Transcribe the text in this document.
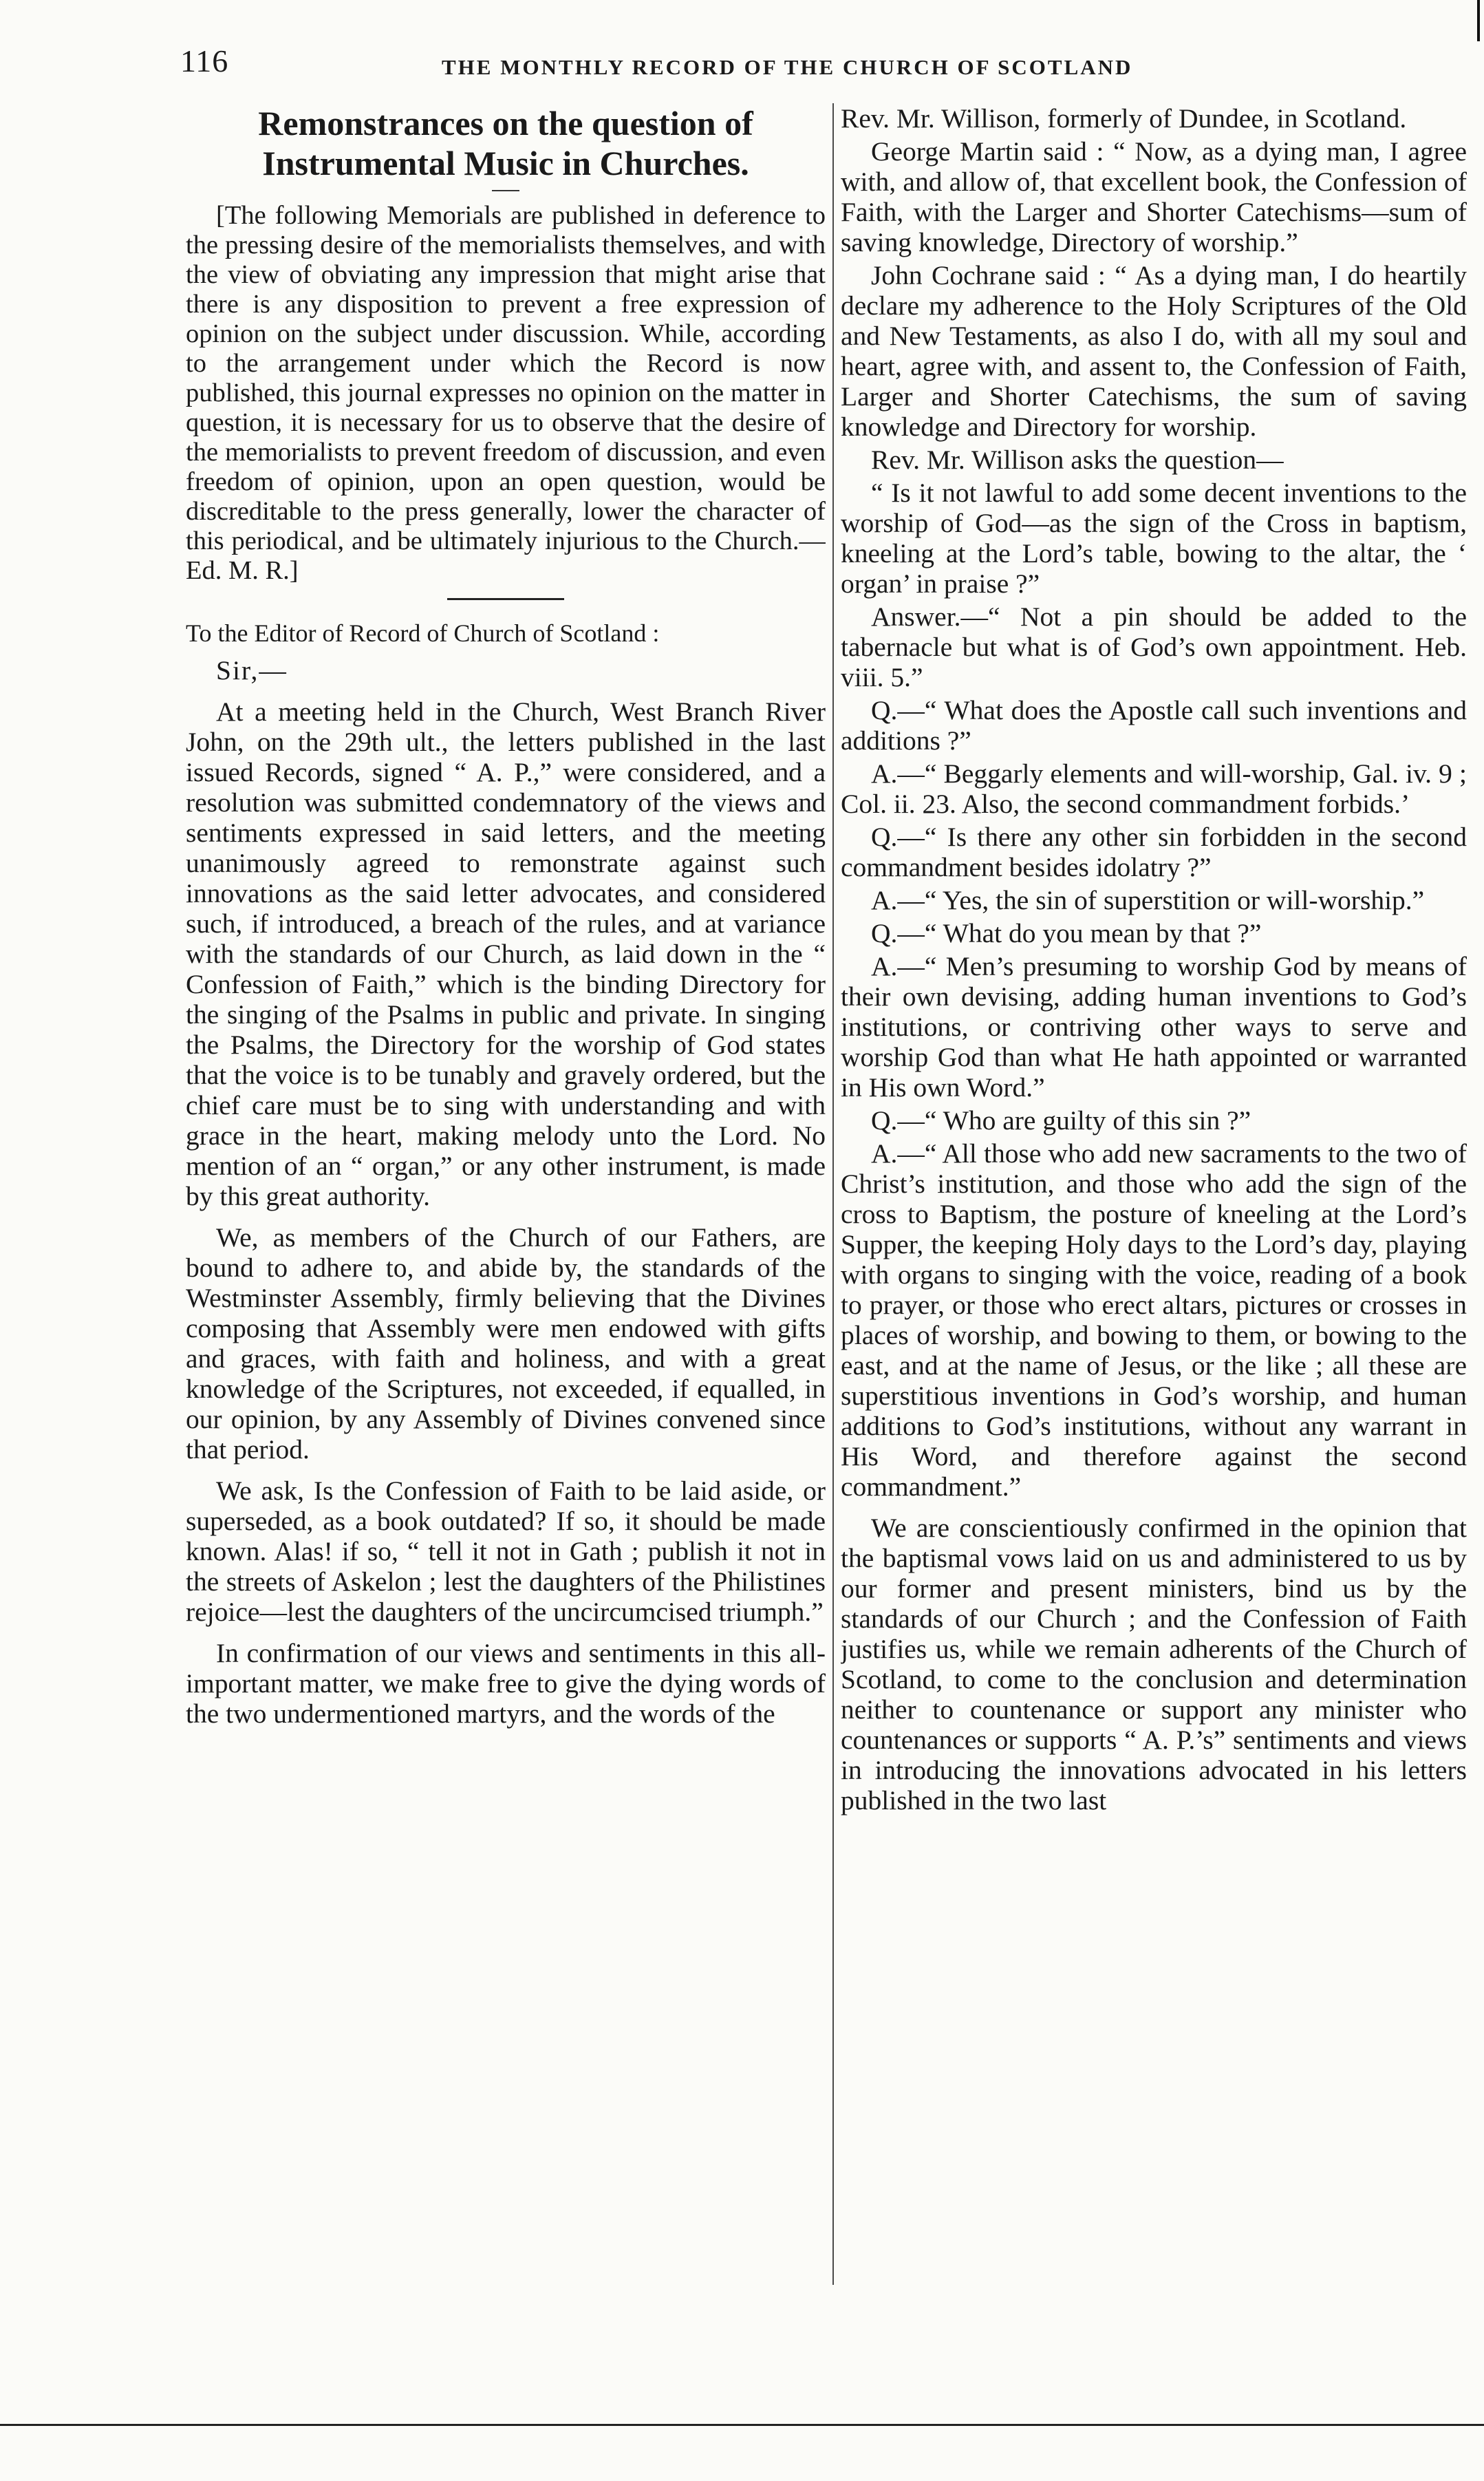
116	THE MONTHLY RECORD OF THE CHURCH OF SCOTLAND
Remonstrances on the question of
Instrumental Music in Churches.

[The following Memorials are published in deference to the pressing desire of the memorialists themselves, and with the view of obviating any impression that might arise that there is any disposition to prevent a free expression of opinion on the subject under discussion. While, according to the arrangement under which the Record is now published, this journal expresses no opinion on the matter in question, it is necessary for us to observe that the desire of the memorialists to prevent freedom of discussion, and even freedom of opinion, upon an open question, would be discreditable to the press generally, lower the character of this periodical, and be ultimately injurious to the Church.—Ed. M. R.]

To the Editor of Record of Church of Scotland :

Sir,—

At a meeting held in the Church, West Branch River John, on the 29th ult., the letters published in the last issued Records, signed “ A. P.,” were considered, and a resolution was submitted condemnatory of the views and sentiments expressed in said letters, and the meeting unanimously agreed to remonstrate against such innovations as the said letter advocates, and considered such, if introduced, a breach of the rules, and at variance with the standards of our Church, as laid down in the “ Confession of Faith,” which is the binding Directory for the singing of the Psalms in public and private. In singing the Psalms, the Directory for the worship of God states that the voice is to be tunably and gravely ordered, but the chief care must be to sing with understanding and with grace in the heart, making melody unto the Lord. No mention of an “ organ,” or any other instrument, is made by this great authority.

We, as members of the Church of our Fathers, are bound to adhere to, and abide by, the standards of the Westminster Assembly, firmly believing that the Divines composing that Assembly were men endowed with gifts and graces, with faith and holiness, and with a great knowledge of the Scriptures, not exceeded, if equalled, in our opinion, by any Assembly of Divines convened since that period.

We ask, Is the Confession of Faith to be laid aside, or superseded, as a book outdated? If so, it should be made known. Alas! if so, “ tell it not in Gath ; publish it not in the streets of Askelon ; lest the daughters of the Philistines rejoice—lest the daughters of the uncircumcised triumph.”

In confirmation of our views and sentiments in this all-important matter, we make free to give the dying words of the two undermentioned martyrs, and the words of the

Rev. Mr. Willison, formerly of Dundee, in Scotland.

George Martin said : “ Now, as a dying man, I agree with, and allow of, that excellent book, the Confession of Faith, with the Larger and Shorter Catechisms—sum of saving knowledge, Directory of worship.”

John Cochrane said : “ As a dying man, I do heartily declare my adherence to the Holy Scriptures of the Old and New Testaments, as also I do, with all my soul and heart, agree with, and assent to, the Confession of Faith, Larger and Shorter Catechisms, the sum of saving knowledge and Directory for worship.

Rev. Mr. Willison asks the question—

“ Is it not lawful to add some decent inventions to the worship of God—as the sign of the Cross in baptism, kneeling at the Lord’s table, bowing to the altar, the ‘ organ’ in praise ?”

Answer.—“ Not a pin should be added to the tabernacle but what is of God’s own appointment. Heb. viii. 5.”

Q.—“ What does the Apostle call such inventions and additions ?”

A.—“ Beggarly elements and will-worship, Gal. iv. 9 ; Col. ii. 23. Also, the second commandment forbids.’

Q.—“ Is there any other sin forbidden in the second commandment besides idolatry ?”

A.—“ Yes, the sin of superstition or will-worship.”

Q.—“ What do you mean by that ?”

A.—“ Men’s presuming to worship God by means of their own devising, adding human inventions to God’s institutions, or contriving other ways to serve and worship God than what He hath appointed or warranted in His own Word.”

Q.—“ Who are guilty of this sin ?”

A.—“ All those who add new sacraments to the two of Christ’s institution, and those who add the sign of the cross to Baptism, the posture of kneeling at the Lord’s Supper, the keeping Holy days to the Lord’s day, playing with organs to singing with the voice, reading of a book to prayer, or those who erect altars, pictures or crosses in places of worship, and bowing to them, or bowing to the east, and at the name of Jesus, or the like ; all these are superstitious inventions in God’s worship, and human additions to God’s institutions, without any warrant in His Word, and therefore against the second commandment.”

We are conscientiously confirmed in the opinion that the baptismal vows laid on us and administered to us by our former and present ministers, bind us by the standards of our Church ; and the Confession of Faith justifies us, while we remain adherents of the Church of Scotland, to come to the conclusion and determination neither to countenance or support any minister who countenances or supports “ A. P.’s” sentiments and views in introducing the innovations advocated in his letters published in the two last
